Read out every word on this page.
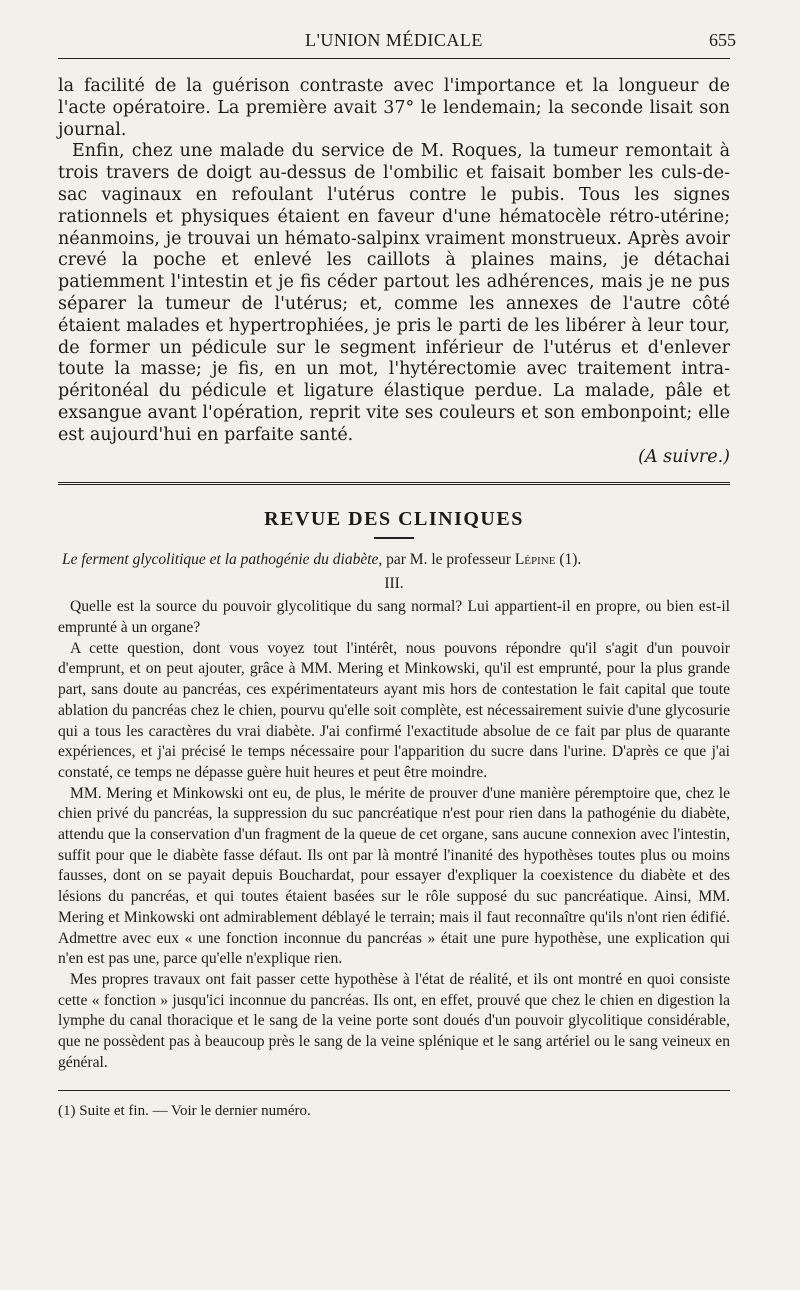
L'UNION MÉDICALE	655

la facilité de la guérison contraste avec l'importance et la longueur de l'acte opératoire. La première avait 37° le lendemain; la seconde lisait son journal.

Enfin, chez une malade du service de M. Roques, la tumeur remontait à trois travers de doigt au-dessus de l'ombilic et faisait bomber les culs-de-sac vaginaux en refoulant l'utérus contre le pubis. Tous les signes rationnels et physiques étaient en faveur d'une hématocèle rétro-utérine; néanmoins, je trouvai un hémato-salpinx vraiment monstrueux. Après avoir crevé la poche et enlevé les caillots à plaines mains, je détachai patiemment l'intestin et je fis céder partout les adhérences, mais je ne pus séparer la tumeur de l'utérus; et, comme les annexes de l'autre côté étaient malades et hypertrophiées, je pris le parti de les libérer à leur tour, de former un pédicule sur le segment inférieur de l'utérus et d'enlever toute la masse; je fis, en un mot, l'hytérectomie avec traitement intra-péritonéal du pédicule et ligature élastique perdue. La malade, pâle et exsangue avant l'opération, reprit vite ses couleurs et son embonpoint; elle est aujourd'hui en parfaite santé.

(A suivre.)
REVUE DES CLINIQUES
Le ferment glycolitique et la pathogénie du diabète, par M. le professeur Lépine (1).
III.

Quelle est la source du pouvoir glycolitique du sang normal? Lui appartient-il en propre, ou bien est-il emprunté à un organe?

A cette question, dont vous voyez tout l'intérêt, nous pouvons répondre qu'il s'agit d'un pouvoir d'emprunt, et on peut ajouter, grâce à MM. Mering et Minkowski, qu'il est emprunté, pour la plus grande part, sans doute au pancréas, ces expérimentateurs ayant mis hors de contestation le fait capital que toute ablation du pancréas chez le chien, pourvu qu'elle soit complète, est nécessairement suivie d'une glycosurie qui a tous les caractères du vrai diabète. J'ai confirmé l'exactitude absolue de ce fait par plus de quarante expériences, et j'ai précisé le temps nécessaire pour l'apparition du sucre dans l'urine. D'après ce que j'ai constaté, ce temps ne dépasse guère huit heures et peut être moindre.

MM. Mering et Minkowski ont eu, de plus, le mérite de prouver d'une manière péremptoire que, chez le chien privé du pancréas, la suppression du suc pancréatique n'est pour rien dans la pathogénie du diabète, attendu que la conservation d'un fragment de la queue de cet organe, sans aucune connexion avec l'intestin, suffit pour que le diabète fasse défaut. Ils ont par là montré l'inanité des hypothèses toutes plus ou moins fausses, dont on se payait depuis Bouchardat, pour essayer d'expliquer la coexistence du diabète et des lésions du pancréas, et qui toutes étaient basées sur le rôle supposé du suc pancréatique. Ainsi, MM. Mering et Minkowski ont admirablement déblayé le terrain; mais il faut reconnaître qu'ils n'ont rien édifié. Admettre avec eux « une fonction inconnue du pancréas » était une pure hypothèse, une explication qui n'en est pas une, parce qu'elle n'explique rien.

Mes propres travaux ont fait passer cette hypothèse à l'état de réalité, et ils ont montré en quoi consiste cette « fonction » jusqu'ici inconnue du pancréas. Ils ont, en effet, prouvé que chez le chien en digestion la lymphe du canal thoracique et le sang de la veine porte sont doués d'un pouvoir glycolitique considérable, que ne possèdent pas à beaucoup près le sang de la veine splénique et le sang artériel ou le sang veineux en général.

(1) Suite et fin. — Voir le dernier numéro.
